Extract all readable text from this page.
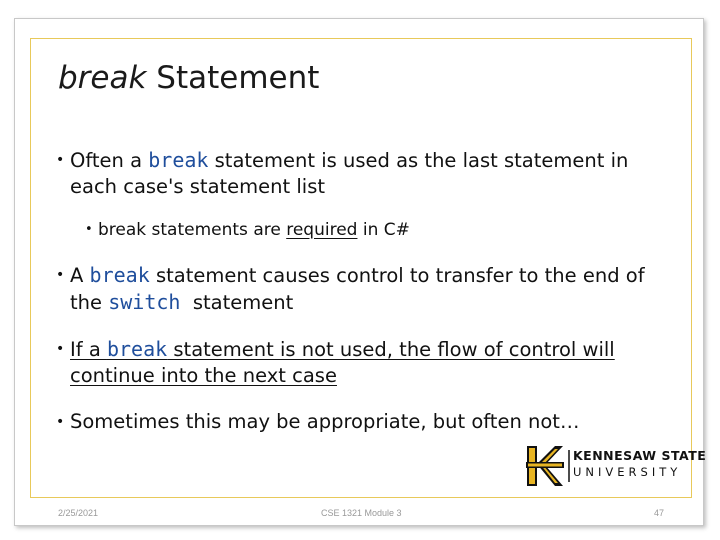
break Statement
• Often a break statement is used as the last statement in
each case's statement list
• break statements are required in C#
• A break statement causes control to transfer to the end of
the switch  statement
• If a break statement is not used, the flow of control will
continue into the next case
• Sometimes this may be appropriate, but often not…
KENNESAW STATE
UNIVERSITY
2/25/2021	CSE 1321 Module 3	47
